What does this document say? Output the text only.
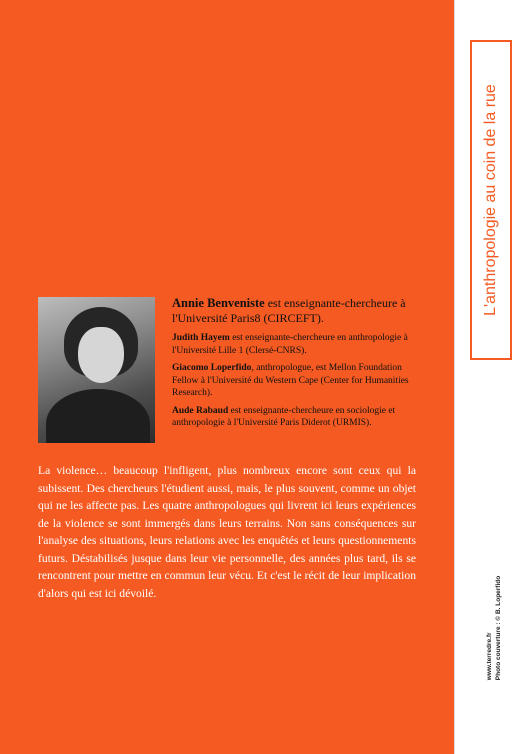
L'anthropologie au coin de la rue
www.terredre.fr Photo couverture : © B. Loperfido
Annie Benveniste est enseignante-chercheure à l'Université Paris8 (CIRCEFT).
Judith Hayem est enseignante-chercheure en anthropologie à l'Université Lille 1 (Clersé-CNRS).
Giacomo Loperfido, anthropologue, est Mellon Foundation Fellow à l'Université du Western Cape (Center for Humanities Research).
Aude Rabaud est enseignante-chercheure en sociologie et anthropologie à l'Université Paris Diderot (URMIS).
La violence… beaucoup l'infligent, plus nombreux encore sont ceux qui la subissent. Des chercheurs l'étudient aussi, mais, le plus souvent, comme un objet qui ne les affecte pas. Les quatre anthropologues qui livrent ici leurs expériences de la violence se sont immergés dans leurs terrains. Non sans conséquences sur l'analyse des situations, leurs relations avec les enquêtés et leurs questionnements futurs. Déstabilisés jusque dans leur vie personnelle, des années plus tard, ils se rencontrent pour mettre en commun leur vécu. Et c'est le récit de leur implication d'alors qui est ici dévoilé.
